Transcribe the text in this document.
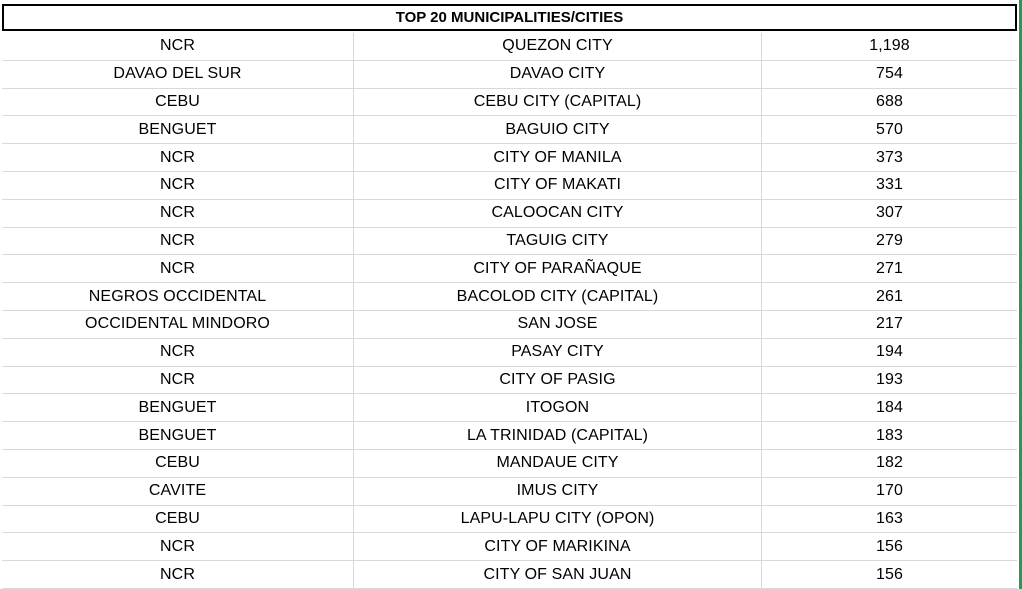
TOP 20 MUNICIPALITIES/CITIES
NCR	QUEZON CITY	1,198
DAVAO DEL SUR	DAVAO CITY	754
CEBU	CEBU CITY (CAPITAL)	688
BENGUET	BAGUIO CITY	570
NCR	CITY OF MANILA	373
NCR	CITY OF MAKATI	331
NCR	CALOOCAN CITY	307
NCR	TAGUIG CITY	279
NCR	CITY OF PARAÑAQUE	271
NEGROS OCCIDENTAL	BACOLOD CITY (CAPITAL)	261
OCCIDENTAL MINDORO	SAN JOSE	217
NCR	PASAY CITY	194
NCR	CITY OF PASIG	193
BENGUET	ITOGON	184
BENGUET	LA TRINIDAD (CAPITAL)	183
CEBU	MANDAUE CITY	182
CAVITE	IMUS CITY	170
CEBU	LAPU-LAPU CITY (OPON)	163
NCR	CITY OF MARIKINA	156
NCR	CITY OF SAN JUAN	156
